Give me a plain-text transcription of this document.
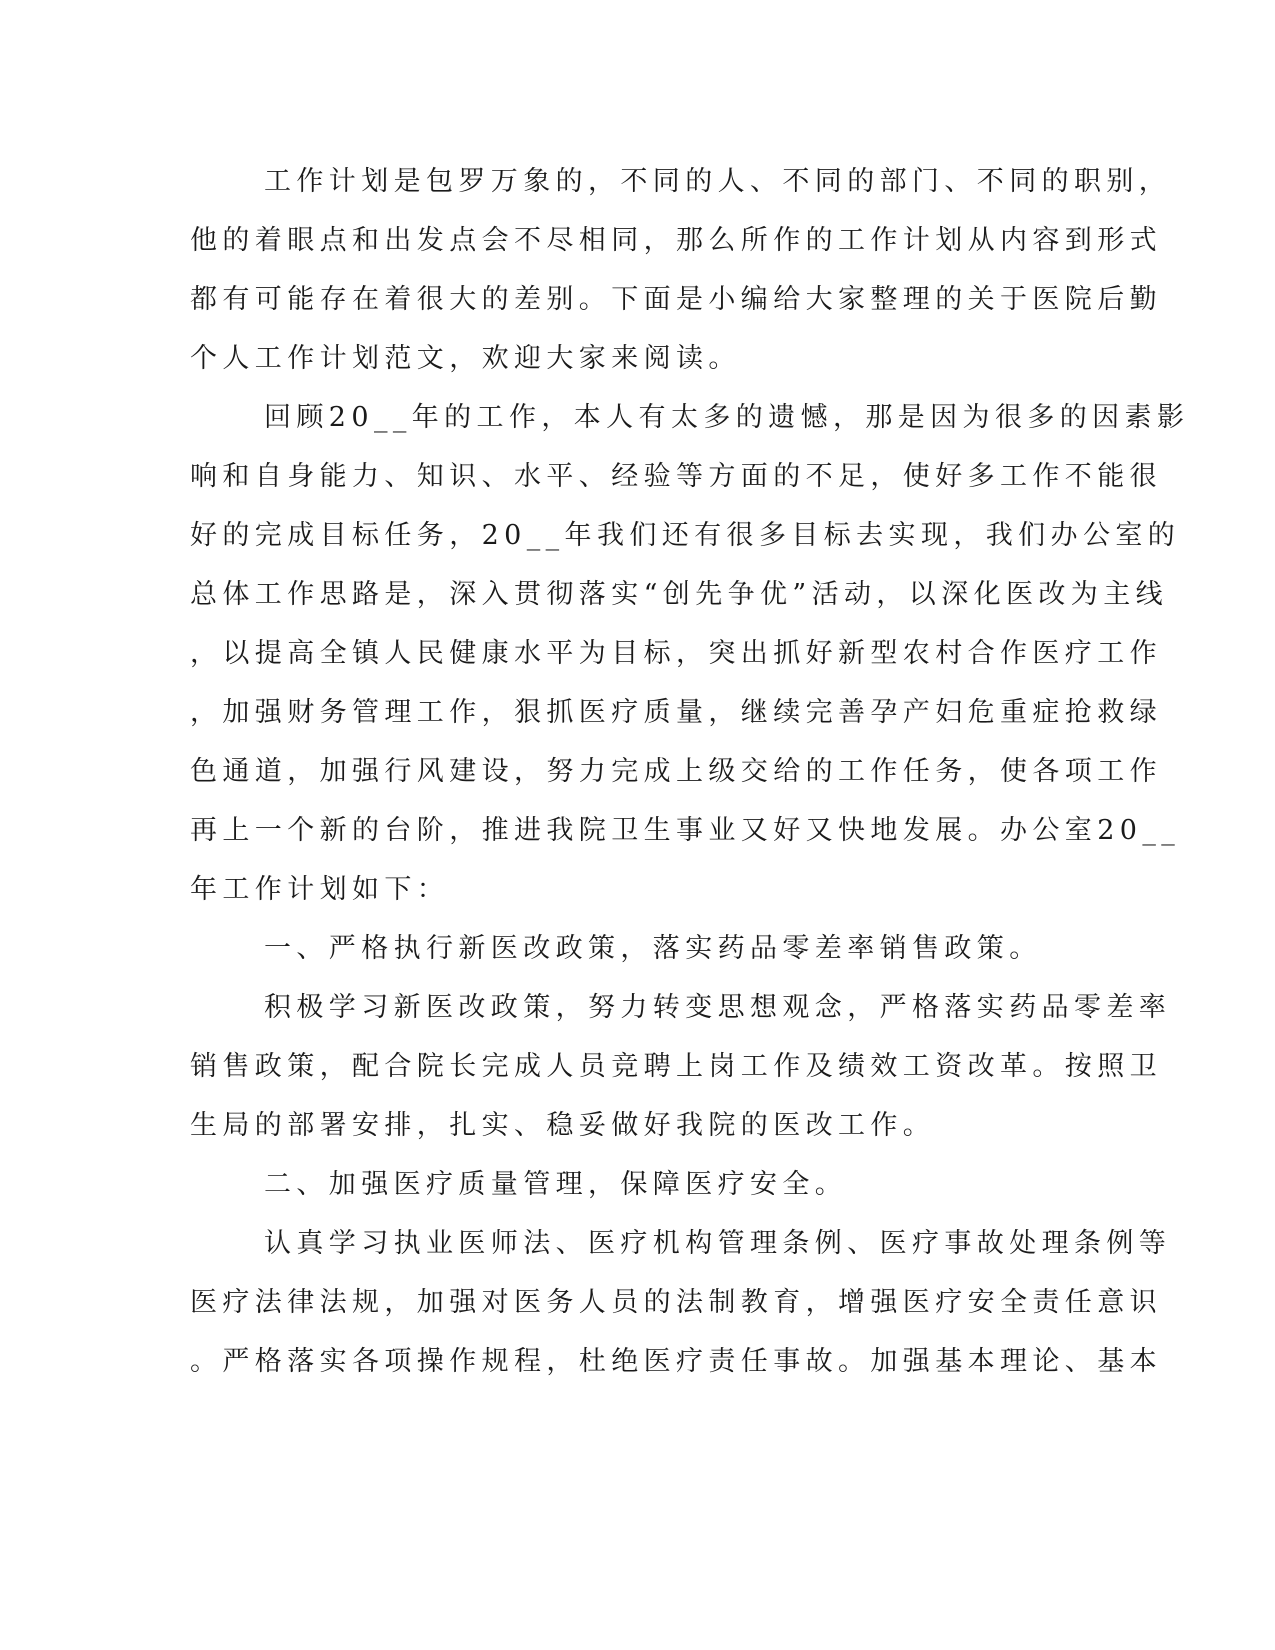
工作计划是包罗万象的，不同的人、不同的部门、不同的职别，
他的着眼点和出发点会不尽相同，那么所作的工作计划从内容到形式
都有可能存在着很大的差别。下面是小编给大家整理的关于医院后勤
个人工作计划范文，欢迎大家来阅读。
回顾20__年的工作，本人有太多的遗憾，那是因为很多的因素影
响和自身能力、知识、水平、经验等方面的不足，使好多工作不能很
好的完成目标任务，20__年我们还有很多目标去实现，我们办公室的
总体工作思路是，深入贯彻落实“创先争优”活动，以深化医改为主线
，以提高全镇人民健康水平为目标，突出抓好新型农村合作医疗工作
，加强财务管理工作，狠抓医疗质量，继续完善孕产妇危重症抢救绿
色通道，加强行风建设，努力完成上级交给的工作任务，使各项工作
再上一个新的台阶，推进我院卫生事业又好又快地发展。办公室20__
年工作计划如下：
一、严格执行新医改政策，落实药品零差率销售政策。
积极学习新医改政策，努力转变思想观念，严格落实药品零差率
销售政策，配合院长完成人员竞聘上岗工作及绩效工资改革。按照卫
生局的部署安排，扎实、稳妥做好我院的医改工作。
二、加强医疗质量管理，保障医疗安全。
认真学习执业医师法、医疗机构管理条例、医疗事故处理条例等
医疗法律法规，加强对医务人员的法制教育，增强医疗安全责任意识
。严格落实各项操作规程，杜绝医疗责任事故。加强基本理论、基本
